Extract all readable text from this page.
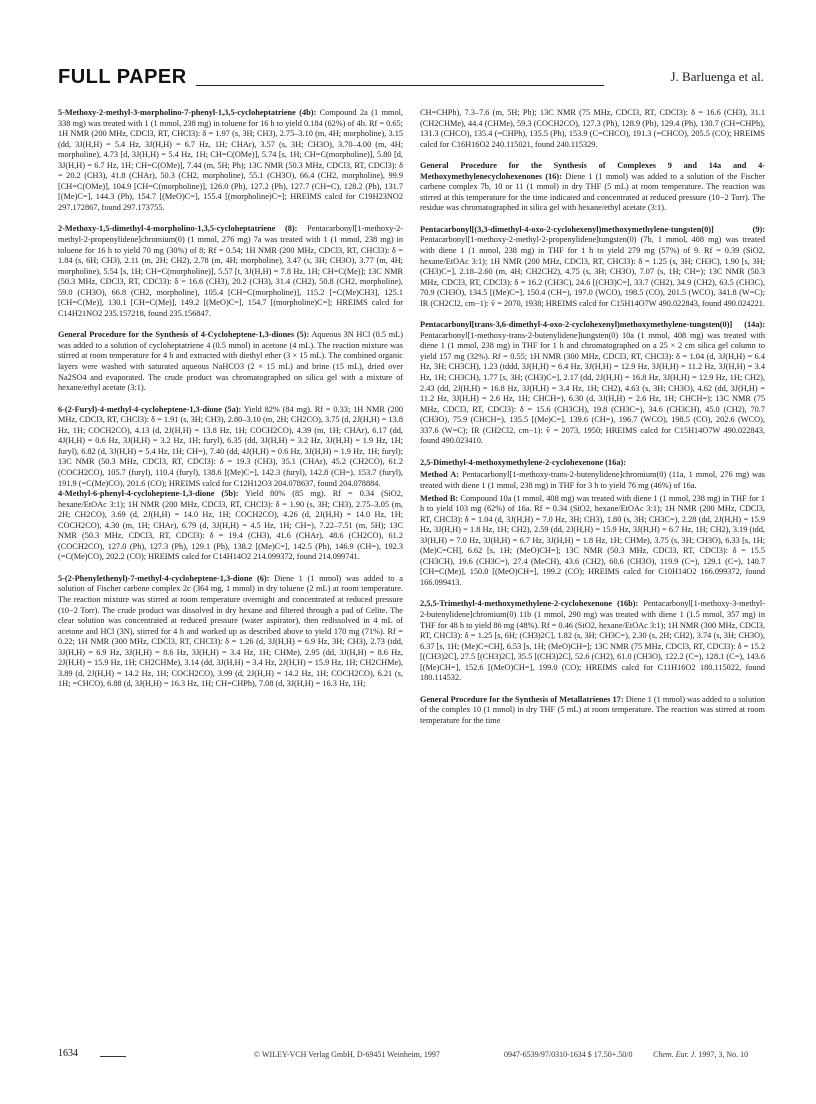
FULL PAPER	J. Barluenga et al.

5-Methoxy-2-methyl-3-morpholino-7-phenyl-1,3,5-cycloheptatriene (4b): Compound 2a (1 mmol, 338 mg) was treated with 1 (1 mmol, 238 mg) in toluene for 16 h to yield 0.184 (62%) of 4b. Rf = 0.65; 1H NMR (200 MHz, CDCl3, RT, CHCl3): δ = 1.97 (s, 3H; CH3), 2.75–3.10 (m, 4H; morpholine), 3.15 (dd, 3J(H,H) = 5.4 Hz, 3J(H,H) = 6.7 Hz, 1H; CHAr), 3.57 (s, 3H; CH3O), 3.70–4.00 (m, 4H; morpholine), 4.73 [d, 3J(H,H) = 5.4 Hz, 1H; CH=C(OMe)], 5.74 [s, 1H; CH=C(morpholine)], 5.80 [d, 3J(H,H) = 6.7 Hz, 1H; CH=C(OMe)], 7.44 (m, 5H; Ph); 13C NMR (50.3 MHz, CDCl3, RT, CDCl3): δ = 20.2 (CH3), 41.8 (CHAr), 50.3 (CH2, morpholine), 55.1 (CH3O), 66.4 (CH2, morpholine), 99.9 [CH=C(OMe)], 104.9 [CH=C(morpholine)], 126.0 (Ph), 127.2 (Ph), 127.7 (CH=C), 128.2 (Ph), 131.7 [(Me)C=], 144.3 (Ph), 154.7 [(MeO)C=], 155.4 [(morpholine)C=]; HREIMS calcd for C19H23NO2 297.172867, found 297.173755.

2-Methoxy-1,5-dimethyl-4-morpholino-1,3,5-cycloheptatriene (8): Pentacarbonyl[1-methoxy-2-methyl-2-propenylidene]chromium(0) (1 mmol, 276 mg) 7a was treated with 1 (1 mmol, 238 mg) in toluene for 16 h to yield 70 mg (30%) of 8; Rf = 0.54; 1H NMR (200 MHz, CDCl3, RT, CHCl3): δ = 1.84 (s, 6H; CH3), 2.11 (m, 2H; CH2), 2.78 (m, 4H; morpholine), 3.47 (s, 3H; CH3O), 3.77 (m, 4H; morpholine), 5.54 [s, 1H; CH=C(morpholine)], 5.57 [t, 3J(H,H) = 7.8 Hz, 1H; CH=C(Me)]; 13C NMR (50.3 MHz, CDCl3, RT, CDCl3): δ = 16.6 (CH3), 20.2 (CH3), 31.4 (CH2), 50.8 (CH2, morpholine), 59.0 (CH3O), 66.8 (CH2, morpholine), 105.4 [CH=C(morpholine)], 115.2 [=C(Me)CH3], 125.1 [CH=C(Me)], 130.1 [CH=C(Me)], 149.2 [(MeO)C=], 154.7 [(morpholine)C=]; HREIMS calcd for C14H21NO2 235.157218, found 235.156847.

General Procedure for the Synthesis of 4-Cycloheptene-1,3-diones (5): Aqueous 3N HCl (0.5 mL) was added to a solution of cycloheptatriene 4 (0.5 mmol) in acetone (4 mL). The reaction mixture was stirred at room temperature for 4 h and extracted with diethyl ether (3 × 15 mL). The combined organic layers were washed with saturated aqueous NaHCO3 (2 × 15 mL) and brine (15 mL), dried over Na2SO4 and evaporated. The crude product was chromatographed on silica gel with a mixture of hexane/ethyl acetate (3:1).

6-(2-Furyl)-4-methyl-4-cycloheptene-1,3-dione (5a): Yield 82% (84 mg). Rf = 0.33; 1H NMR (200 MHz, CDCl3, RT, CHCl3): δ = 1.91 (s, 3H; CH3), 2.80–3.10 (m, 2H; CH2CO), 3.75 (d, 2J(H,H) = 13.8 Hz, 1H; COCH2CO), 4.13 (d, 2J(H,H) = 13.8 Hz, 1H; COCH2CO), 4.39 (m, 1H; CHAr), 6.17 (dd, 4J(H,H) = 0.6 Hz, 3J(H,H) = 3.2 Hz, 1H; furyl), 6.35 (dd, 3J(H,H) = 3.2 Hz, 3J(H,H) = 1.9 Hz, 1H; furyl), 6.82 (d, 3J(H,H) = 5.4 Hz, 1H; CH=), 7.40 (dd, 4J(H,H) = 0.6 Hz, 3J(H,H) = 1.9 Hz, 1H; furyl); 13C NMR (50.3 MHz, CDCl3, RT, CDCl3): δ = 19.3 (CH3), 35.1 (CHAr), 45.2 (CH2CO), 61.2 (COCH2CO), 105.7 (furyl), 110.4 (furyl), 138.6 [(Me)C=], 142.3 (furyl), 142.8 (CH=), 153.7 (furyl), 191.9 (=C(Me)CO), 201.6 (CO); HREIMS calcd for C12H12O3 204.078637, found 204.078884.

4-Methyl-6-phenyl-4-cycloheptene-1,3-dione (5b): Yield 80% (85 mg). Rf = 0.34 (SiO2, hexane/EtOAc 3:1); 1H NMR (200 MHz, CDCl3, RT, CHCl3): δ = 1.90 (s, 3H; CH3), 2.75–3.05 (m, 2H; CH2CO), 3.69 (d, 2J(H,H) = 14.0 Hz, 1H; COCH2CO), 4.26 (d, 2J(H,H) = 14.0 Hz, 1H; COCH2CO), 4.30 (m, 1H; CHAr), 6.79 (d, 3J(H,H) = 4.5 Hz, 1H; CH=), 7.22–7.51 (m, 5H); 13C NMR (50.3 MHz, CDCl3, RT, CDCl3): δ = 19.4 (CH3), 41.6 (CHAr), 48.6 (CH2CO), 61.2 (COCH2CO), 127.0 (Ph), 127.3 (Ph), 129.1 (Ph), 138.2 [(Me)C=], 142.5 (Ph), 146.9 (CH=), 192.3 (=C(Me)CO), 202.2 (CO); HREIMS calcd for C14H14O2 214.099372, found 214.099741.

5-(2-Phenylethenyl)-7-methyl-4-cycloheptene-1,3-dione (6): Diene 1 (1 mmol) was added to a solution of Fischer carbene complex 2c (364 mg, 1 mmol) in dry toluene (2 mL) at room temperature. The reaction mixture was stirred at room temperature overnight and concentrated at reduced pressure (10−2 Torr). The crude product was dissolved in dry hexane and filtered through a pad of Celite. The clear solution was concentrated at reduced pressure (water aspirator), then redissolved in 4 mL of acetone and HCl (3N), stirred for 4 h and worked up as described above to yield 170 mg (71%). Rf = 0.22; 1H NMR (300 MHz, CDCl3, RT, CHCl3): δ = 1.26 (d, 3J(H,H) = 6.9 Hz, 3H; CH3), 2.73 (tdd, 3J(H,H) = 6.9 Hz, 3J(H,H) = 8.6 Hz, 3J(H,H) = 3.4 Hz, 1H; CHMe), 2.95 (dd, 3J(H,H) = 8.6 Hz, 2J(H,H) = 15.9 Hz, 1H; CH2CHMe), 3.14 (dd, 3J(H,H) = 3.4 Hz, 2J(H,H) = 15.9 Hz, 1H; CH2CHMe), 3.89 (d, 2J(H,H) = 14.2 Hz, 1H; COCH2CO), 3.99 (d, 2J(H,H) = 14.2 Hz, 1H; COCH2CO), 6.21 (s, 1H; =CHCO), 6.88 (d, 3J(H,H) = 16.3 Hz, 1H; CH=CHPh), 7.08 (d, 3J(H,H) = 16.3 Hz, 1H;

CH=CHPh), 7.3–7.6 (m, 5H; Ph); 13C NMR (75 MHz, CDCl3, RT, CDCl3): δ = 16.6 (CH3), 31.1 (CH2CHMe), 44.4 (CHMe), 59.3 (COCH2CO), 127.3 (Ph), 128.9 (Ph), 129.4 (Ph), 130.7 (CH=CHPh), 131.3 (CHCO), 135.4 (=CHPh), 135.5 (Ph), 153.9 (C=CHCO), 191.3 (=CHCO), 205.5 (CO); HREIMS calcd for C16H16O2 240.115021, found 240.115329.

General Procedure for the Synthesis of Complexes 9 and 14a and 4-Methoxymethylenecyclohexenones (16): Diene 1 (1 mmol) was added to a solution of the Fischer carbene complex 7b, 10 or 11 (1 mmol) in dry THF (5 mL) at room temperature. The reaction was stirred at this temperature for the time indicated and concentrated at reduced pressure (10−2 Torr). The residue was chromatographed in silica gel with hexane/ethyl acetate (3:1).

Pentacarbonyl[(3,3-dimethyl-4-oxo-2-cyclohexenyl)methoxymethylene-tungsten(0)] (9): Pentacarbonyl[1-methoxy-2-methyl-2-propenylidene]tungsten(0) (7b, 1 mmol, 408 mg) was treated with diene 1 (1 mmol, 238 mg) in THF for 1 h to yield 279 mg (57%) of 9. Rf = 0.39 (SiO2, hexane/EtOAc 3:1); 1H NMR (200 MHz, CDCl3, RT, CHCl3): δ = 1.25 (s, 3H; CH3C), 1.90 [s, 3H; (CH3)C=], 2.18–2.60 (m, 4H; CH2CH2), 4.75 (s, 3H; CH3O), 7.07 (s, 1H; CH=); 13C NMR (50.3 MHz, CDCl3, RT, CDCl3): δ = 16.2 (CH3C), 24.6 [(CH3)C=], 33.7 (CH2), 34.9 (CH2), 63.5 (CH3C), 70.9 (CH3O), 134.5 [(Me)C=], 150.4 (CH=), 197.0 (WCO), 198.5 (CO), 201.5 (WCO), 341.8 (W=C); IR (CH2Cl2, cm−1): ṽ = 2070, 1938; HREIMS calcd for C15H14O7W 490.022843, found 490.024221.

Pentacarbonyl[trans-3,6-dimethyl-4-oxo-2-cyclohexenyl)methoxymethylene-tungsten(0)] (14a): Pentacarbonyl[1-methoxy-trans-2-butenylidene]tungsten(0) 10a (1 mmol, 408 mg) was treated with diene 1 (1 mmol, 238 mg) in THF for 1 h and chromatographed on a 25 × 2 cm silica gel column to yield 157 mg (32%). Rf = 0.55; 1H NMR (300 MHz, CDCl3, RT, CHCl3): δ = 1.04 (d, 3J(H,H) = 6.4 Hz, 3H; CH3CH), 1.23 (tddd, 3J(H,H) = 6.4 Hz, 3J(H,H) = 12.9 Hz, 3J(H,H) = 11.2 Hz, 3J(H,H) = 3.4 Hz, 1H; CH3CH), 1.77 [s, 3H; (CH3)C=], 2.17 (dd, 2J(H,H) = 16.8 Hz, 3J(H,H) = 12.9 Hz, 1H; CH2), 2.43 (dd, 2J(H,H) = 16.8 Hz, 3J(H,H) = 3.4 Hz, 1H; CH2), 4.63 (s, 3H; CH3O), 4.62 (dd, 3J(H,H) = 11.2 Hz, 3J(H,H) = 2.6 Hz, 1H; CHCH=), 6.30 (d, 3J(H,H) = 2.6 Hz, 1H; CHCH=); 13C NMR (75 MHz, CDCl3, RT, CDCl3): δ = 15.6 (CH3CH), 19.8 (CH3C=), 34.6 (CH3CH), 45.0 (CH2), 70.7 (CH3O), 75.9 (CHCH=), 135.5 [(Me)C=], 139.6 (CH=), 196.7 (WCO), 198.5 (CO), 202.6 (WCO), 337.6 (W=C); IR (CH2Cl2, cm−1): ṽ = 2073, 1950; HREIMS calcd for C15H14O7W 490.022843, found 490.023410.

2,5-Dimethyl-4-methoxymethylene-2-cyclohexenone (16a):

Method A: Pentacarbonyl[1-methoxy-trans-2-butenylidene]chromium(0) (11a, 1 mmol, 276 mg) was treated with diene 1 (1 mmol, 238 mg) in THF for 3 h to yield 76 mg (46%) of 16a.

Method B: Compound 10a (1 mmol, 408 mg) was treated with diene 1 (1 mmol, 238 mg) in THF for 1 h to yield 103 mg (62%) of 16a. Rf = 0.34 (SiO2, hexane/EtOAc 3:1); 1H NMR (200 MHz, CDCl3, RT, CHCl3): δ = 1.04 (d, 3J(H,H) = 7.0 Hz, 3H; CH3), 1.80 (s, 3H; CH3C=), 2.28 (dd, 2J(H,H) = 15.9 Hz, 3J(H,H) = 1.8 Hz, 1H; CH2), 2.59 (dd, 2J(H,H) = 15.9 Hz, 3J(H,H) = 6.7 Hz, 1H; CH2), 3.19 (tdd, 3J(H,H) = 7.0 Hz, 3J(H,H) = 6.7 Hz, 3J(H,H) = 1.8 Hz, 1H; CHMe), 3.75 (s, 3H; CH3O), 6.33 [s, 1H; (Me)C=CH], 6.62 [s, 1H; (MeO)CH=]; 13C NMR (50.3 MHz, CDCl3, RT, CDCl3): δ = 15.5 (CH3CH), 19.6 (CH3C=), 27.4 (MeCH), 43.6 (CH2), 60.6 (CH3O), 119.9 (C=), 129.1 (C=), 140.7 [CH=C(Me)], 150.0 [(MeO)CH=], 199.2 (CO); HREIMS calcd for C10H14O2 166.099372, found 166.099413.

2,5,5-Trimethyl-4-methoxymethylene-2-cyclohexenone (16b): Pentacarbonyl[1-methoxy-3-methyl-2-butenylidene]chromium(0) 11b (1 mmol, 290 mg) was treated with diene 1 (1.5 mmol, 357 mg) in THF for 48 h to yield 86 mg (48%). Rf = 0.46 (SiO2, hexane/EtOAc 3:1); 1H NMR (300 MHz, CDCl3, RT, CHCl3): δ = 1.25 [s, 6H; (CH3)2C], 1.82 (s, 3H; CH3C=), 2.30 (s, 2H; CH2), 3.74 (s, 3H; CH3O), 6.37 [s, 1H; (Me)C=CH], 6.53 [s, 1H; (MeO)CH=]; 13C NMR (75 MHz, CDCl3, RT, CDCl3): δ = 15.2 [(CH3)2C], 27.5 [(CH3)2C], 35.5 [(CH3)2C], 52.6 (CH2), 61.0 (CH3O), 122.2 (C=), 128.1 (C=), 143.6 [(Me)CH=], 152.6 [(MeO)CH=], 199.0 (CO); HREIMS calcd for C11H16O2 180.115022, found 180.114532.

General Procedure for the Synthesis of Metallatrienes 17: Diene 1 (1 mmol) was added to a solution of the complex 10 (1 mmol) in dry THF (5 mL) at room temperature. The reaction was stirred at room temperature for the time

1634	© WILEY-VCH Verlag GmbH, D-69451 Weinheim, 1997	0947-6539/97/0310-1634 $ 17.50+.50/0	Chem. Eur. J. 1997, 3, No. 10
